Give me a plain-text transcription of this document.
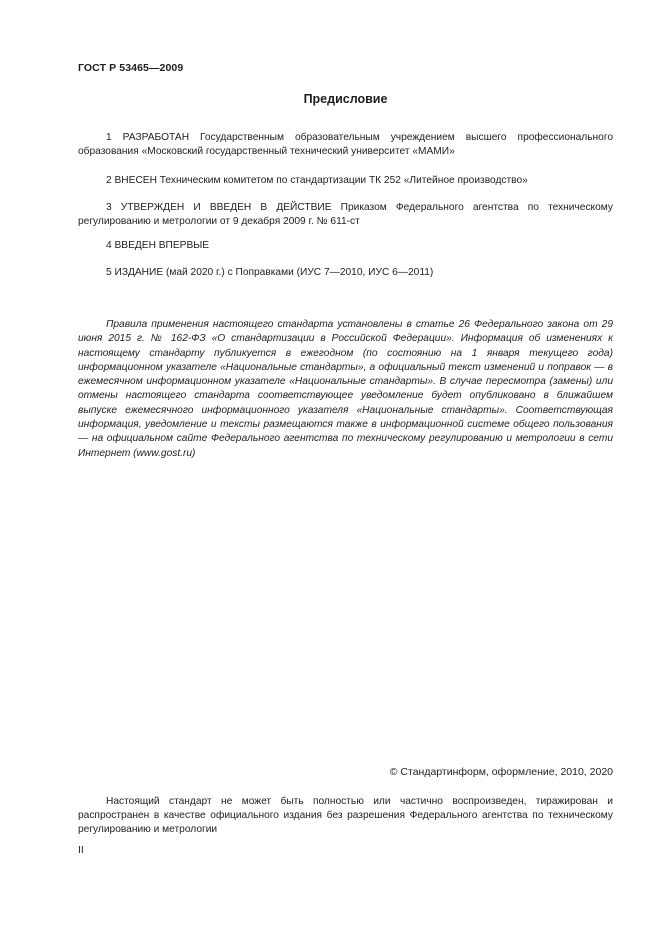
ГОСТ Р 53465—2009
Предисловие
1 РАЗРАБОТАН Государственным образовательным учреждением высшего профессионального образования «Московский государственный технический университет «МАМИ»
2 ВНЕСЕН Техническим комитетом по стандартизации ТК 252 «Литейное производство»
3 УТВЕРЖДЕН И ВВЕДЕН В ДЕЙСТВИЕ Приказом Федерального агентства по техническому регулированию и метрологии от 9 декабря 2009 г. № 611-ст
4 ВВЕДЕН ВПЕРВЫЕ
5 ИЗДАНИЕ (май 2020 г.) с Поправками (ИУС 7—2010, ИУС 6—2011)
Правила применения настоящего стандарта установлены в статье 26 Федерального закона от 29 июня 2015 г. № 162-ФЗ «О стандартизации в Российской Федерации». Информация об изменениях к настоящему стандарту публикуется в ежегодном (по состоянию на 1 января текущего года) информационном указателе «Национальные стандарты», а официальный текст изменений и поправок — в ежемесячном информационном указателе «Национальные стандарты». В случае пересмотра (замены) или отмены настоящего стандарта соответствующее уведомление будет опубликовано в ближайшем выпуске ежемесячного информационного указателя «Национальные стандарты». Соответствующая информация, уведомление и тексты размещаются также в информационной системе общего пользования — на официальном сайте Федерального агентства по техническому регулированию и метрологии в сети Интернет (www.gost.ru)
© Стандартинформ, оформление, 2010, 2020
Настоящий стандарт не может быть полностью или частично воспроизведен, тиражирован и распространен в качестве официального издания без разрешения Федерального агентства по техническому регулированию и метрологии
II
